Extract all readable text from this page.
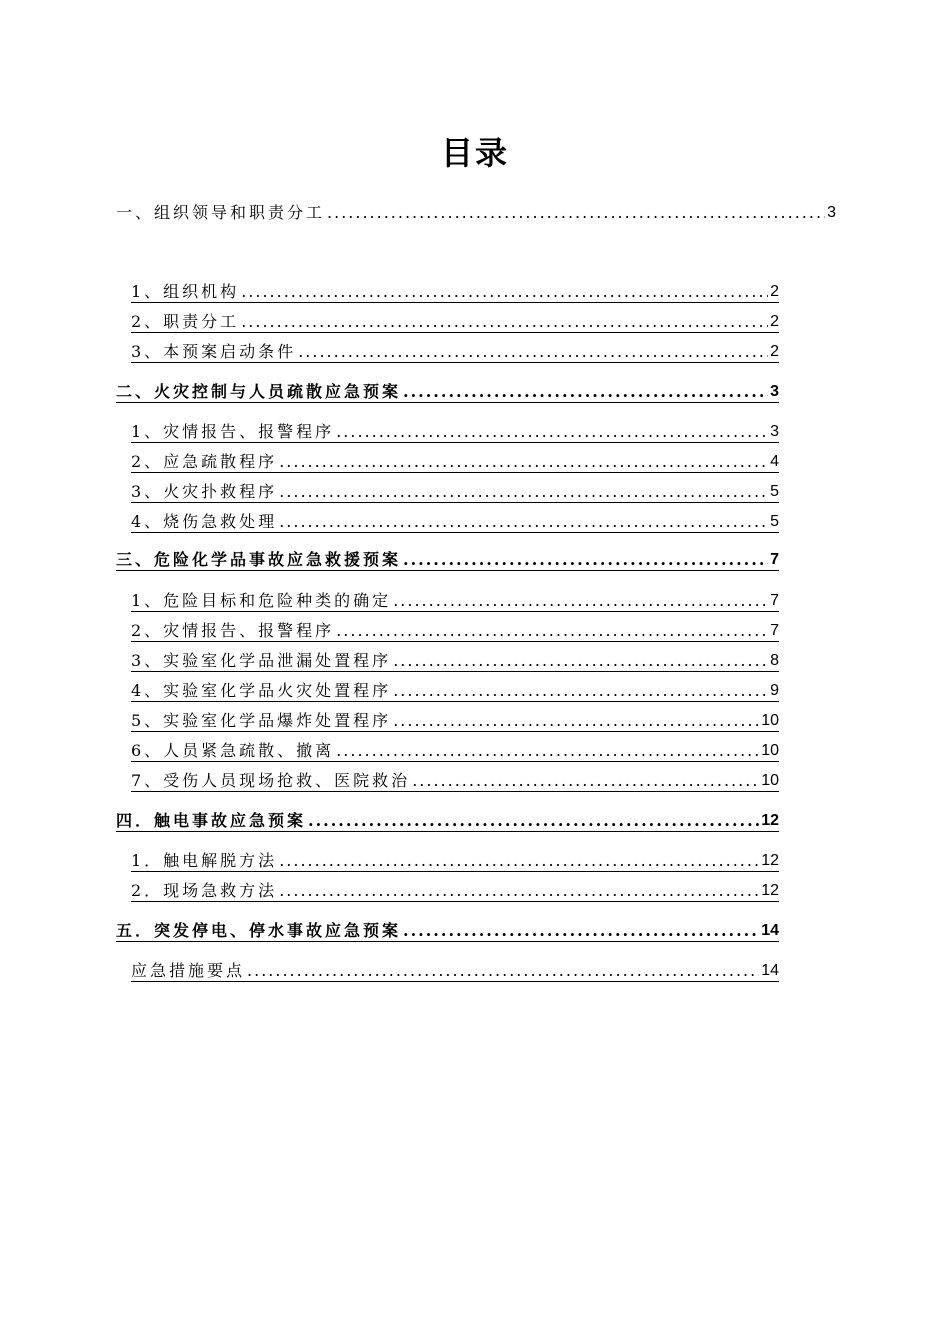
目录
一、组织领导和职责分工 .....	3
1、组织机构 .....	2
2、职责分工 .....	2
3、本预案启动条件 .....	2
二、火灾控制与人员疏散应急预案 .....	3
1、灾情报告、报警程序 .....	3
2、应急疏散程序 .....	4
3、火灾扑救程序 .....	5
4、烧伤急救处理 .....	5
三、危险化学品事故应急救援预案 .....	7
1、危险目标和危险种类的确定 .....	7
2、灾情报告、报警程序 .....	7
3、实验室化学品泄漏处置程序 .....	8
4、实验室化学品火灾处置程序 .....	9
5、实验室化学品爆炸处置程序 .....	10
6、人员紧急疏散、撤离 .....	10
7、受伤人员现场抢救、医院救治 .....	10
四．触电事故应急预案 .....	12
1．触电解脱方法 .....	12
2．现场急救方法 .....	12
五．突发停电、停水事故应急预案 .....	14
应急措施要点 .....	14
